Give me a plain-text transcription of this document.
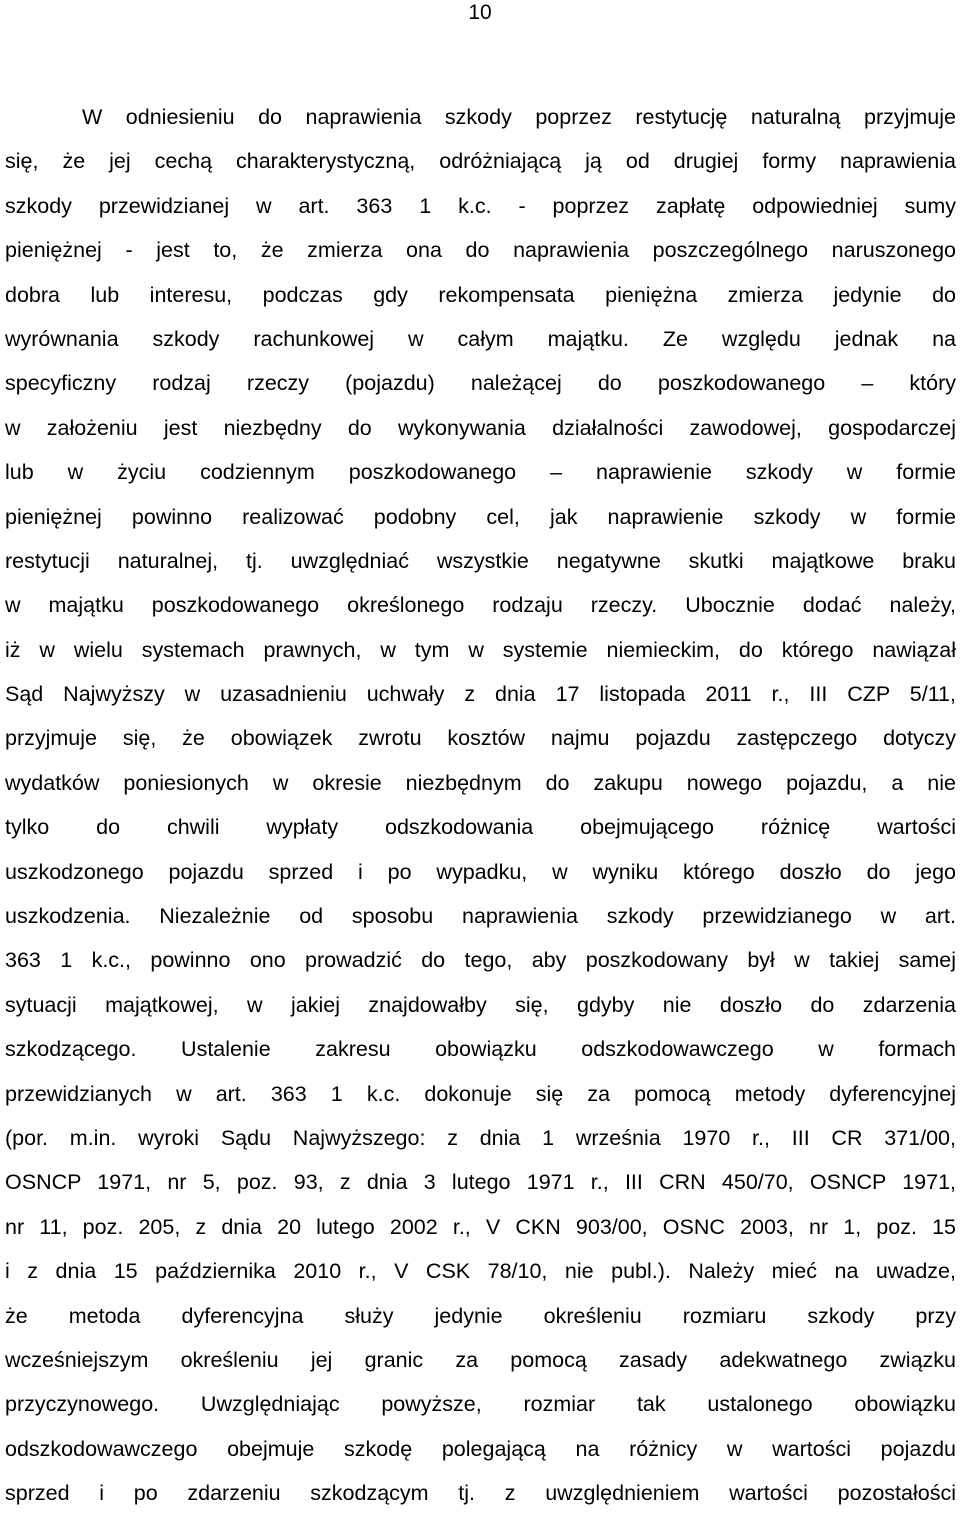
10
W odniesieniu do naprawienia szkody poprzez restytucję naturalną przyjmuje
się, że jej cechą charakterystyczną, odróżniającą ją od drugiej formy naprawienia
szkody przewidzianej w art. 363 1 k.c. - poprzez zapłatę odpowiedniej sumy
pieniężnej - jest to, że zmierza ona do naprawienia poszczególnego naruszonego
dobra lub interesu, podczas gdy rekompensata pieniężna zmierza jedynie do
wyrównania szkody rachunkowej w całym majątku. Ze względu jednak na
specyficzny rodzaj rzeczy (pojazdu) należącej do poszkodowanego – który
w założeniu jest niezbędny do wykonywania działalności zawodowej, gospodarczej
lub w życiu codziennym poszkodowanego – naprawienie szkody w formie
pieniężnej powinno realizować podobny cel, jak naprawienie szkody w formie
restytucji naturalnej, tj. uwzględniać wszystkie negatywne skutki majątkowe braku
w majątku poszkodowanego określonego rodzaju rzeczy. Ubocznie dodać należy,
iż w wielu systemach prawnych, w tym w systemie niemieckim, do którego nawiązał
Sąd Najwyższy w uzasadnieniu uchwały z dnia 17 listopada 2011 r., III CZP 5/11,
przyjmuje się, że obowiązek zwrotu kosztów najmu pojazdu zastępczego dotyczy
wydatków poniesionych w okresie niezbędnym do zakupu nowego pojazdu, a nie
tylko do chwili wypłaty odszkodowania obejmującego różnicę wartości
uszkodzonego pojazdu sprzed i po wypadku, w wyniku którego doszło do jego
uszkodzenia. Niezależnie od sposobu naprawienia szkody przewidzianego w art.
363 1 k.c., powinno ono prowadzić do tego, aby poszkodowany był w takiej samej
sytuacji majątkowej, w jakiej znajdowałby się, gdyby nie doszło do zdarzenia
szkodzącego. Ustalenie zakresu obowiązku odszkodowawczego w formach
przewidzianych w art. 363 1 k.c. dokonuje się za pomocą metody dyferencyjnej
(por. m.in. wyroki Sądu Najwyższego: z dnia 1 września 1970 r., III CR 371/00,
OSNCP 1971, nr 5, poz. 93, z dnia 3 lutego 1971 r., III CRN 450/70, OSNCP 1971,
nr 11, poz. 205, z dnia 20 lutego 2002 r., V CKN 903/00, OSNC 2003, nr 1, poz. 15
i z dnia 15 października 2010 r., V CSK 78/10, nie publ.). Należy mieć na uwadze,
że metoda dyferencyjna służy jedynie określeniu rozmiaru szkody przy
wcześniejszym określeniu jej granic za pomocą zasady adekwatnego związku
przyczynowego. Uwzględniając powyższe, rozmiar tak ustalonego obowiązku
odszkodowawczego obejmuje szkodę polegającą na różnicy w wartości pojazdu
sprzed i po zdarzeniu szkodzącym tj. z uwzględnieniem wartości pozostałości
